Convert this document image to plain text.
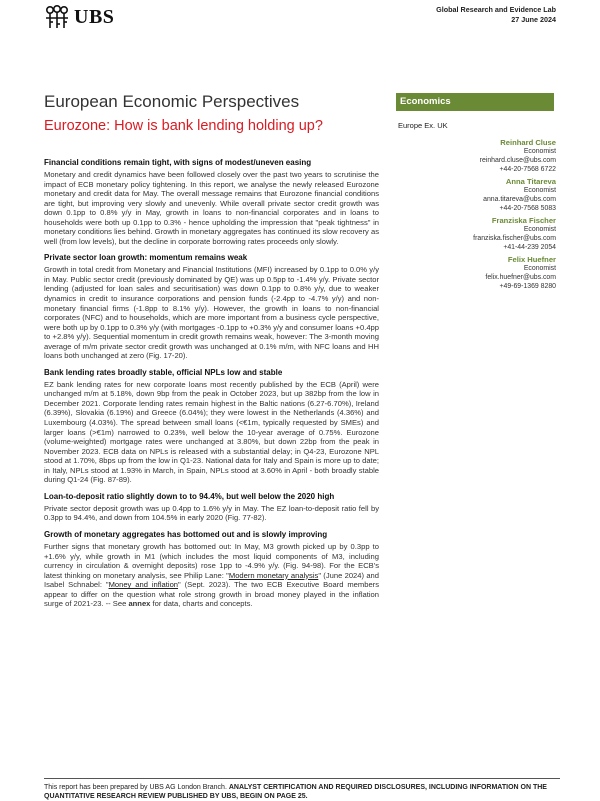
UBS	Global Research and Evidence Lab
27 June 2024
European Economic Perspectives
Eurozone: How is bank lending holding up?
Economics
Europe Ex. UK
Reinhard Cluse
Economist
reinhard.cluse@ubs.com
+44-20-7568 6722
Anna Titareva
Economist
anna.titareva@ubs.com
+44-20-7568 5083
Franziska Fischer
Economist
franziska.fischer@ubs.com
+41-44-239 2054
Felix Huefner
Economist
felix.huefner@ubs.com
+49-69-1369 8280
Financial conditions remain tight, with signs of modest/uneven easing

Monetary and credit dynamics have been followed closely over the past two years to scrutinise the impact of ECB monetary policy tightening. In this report, we analyse the newly released Eurozone monetary and credit data for May. The overall message remains that Eurozone financial conditions are tight, but improving very slowly and unevenly. While overall private sector credit growth was down 0.1pp to 0.8% y/y in May, growth in loans to non-financial corporates and in loans to households were both up 0.1pp to 0.3% - hence upholding the impression that "peak tightness" in monetary conditions lies behind. Growth in monetary aggregates has continued its slow recovery as well (from low levels), but the decline in corporate borrowing rates proceeds only slowly.

Private sector loan growth: momentum remains weak

Growth in total credit from Monetary and Financial Institutions (MFI) increased by 0.1pp to 0.0% y/y in May. Public sector credit (previously dominated by QE) was up 0.5pp to -1.4% y/y. Private sector lending (adjusted for loan sales and securitisation) was down 0.1pp to 0.8% y/y, due to weaker dynamics in credit to insurance corporations and pension funds (-2.4pp to -4.7% y/y) and non-monetary financial firms (-1.8pp to 8.1% y/y). However, the growth in loans to non-financial corporates (NFC) and to households, which are more important from a business cycle perspective, were both up by 0.1pp to 0.3% y/y (with mortgages -0.1pp to +0.3% y/y and consumer loans +0.4pp to +2.8% y/y). Sequential momentum in credit growth remains weak, however: The 3-month moving average of m/m private sector credit growth was unchanged at 0.1% m/m, with NFC loans and HH loans both unchanged at zero (Fig. 17-20).

Bank lending rates broadly stable, official NPLs low and stable

EZ bank lending rates for new corporate loans most recently published by the ECB (April) were unchanged m/m at 5.18%, down 9bp from the peak in October 2023, but up 382bp from the low in December 2021. Corporate lending rates remain highest in the Baltic nations (6.27-6.70%), Ireland (6.39%), Slovakia (6.19%) and Greece (6.04%); they were lowest in the Netherlands (4.36%) and Luxembourg (4.03%). The spread between small loans (<€1m, typically requested by SMEs) and larger loans (>€1m) narrowed to 0.23%, well below the 10-year average of 0.75%. Eurozone (volume-weighted) mortgage rates were unchanged at 3.80%, but down 22bp from the peak in November 2023. ECB data on NPLs is released with a substantial delay; in Q4-23, Eurozone NPL stood at 1.70%, 8bps up from the low in Q1-23. National data for Italy and Spain is more up to date; in Italy, NPLs stood at 1.93% in March, in Spain, NPLs stood at 3.60% in April - both broadly stable during Q1-24 (Fig. 87-89).

Loan-to-deposit ratio slightly down to to 94.4%, but well below the 2020 high

Private sector deposit growth was up 0.4pp to 1.6% y/y in May. The EZ loan-to-deposit ratio fell by 0.3pp to 94.4%, and down from 104.5% in early 2020 (Fig. 77-82).

Growth of monetary aggregates has bottomed out and is slowly improving

Further signs that monetary growth has bottomed out: In May, M3 growth picked up by 0.3pp to +1.6% y/y, while growth in M1 (which includes the most liquid components of M3, including currency in circulation & overnight deposits) rose 1pp to -4.9% y/y. (Fig. 94-98). For the ECB's latest thinking on monetary analysis, see Philip Lane: "Modern monetary analysis" (June 2024) and Isabel Schnabel: "Money and inflation" (Sept. 2023). The two ECB Executive Board members appear to differ on the question what role strong growth in broad money played in the inflation surge of 2021-23. -- See annex for data, charts and concepts.

This report has been prepared by UBS AG London Branch. ANALYST CERTIFICATION AND REQUIRED DISCLOSURES, INCLUDING INFORMATION ON THE QUANTITATIVE RESEARCH REVIEW PUBLISHED BY UBS, BEGIN ON PAGE 25.
